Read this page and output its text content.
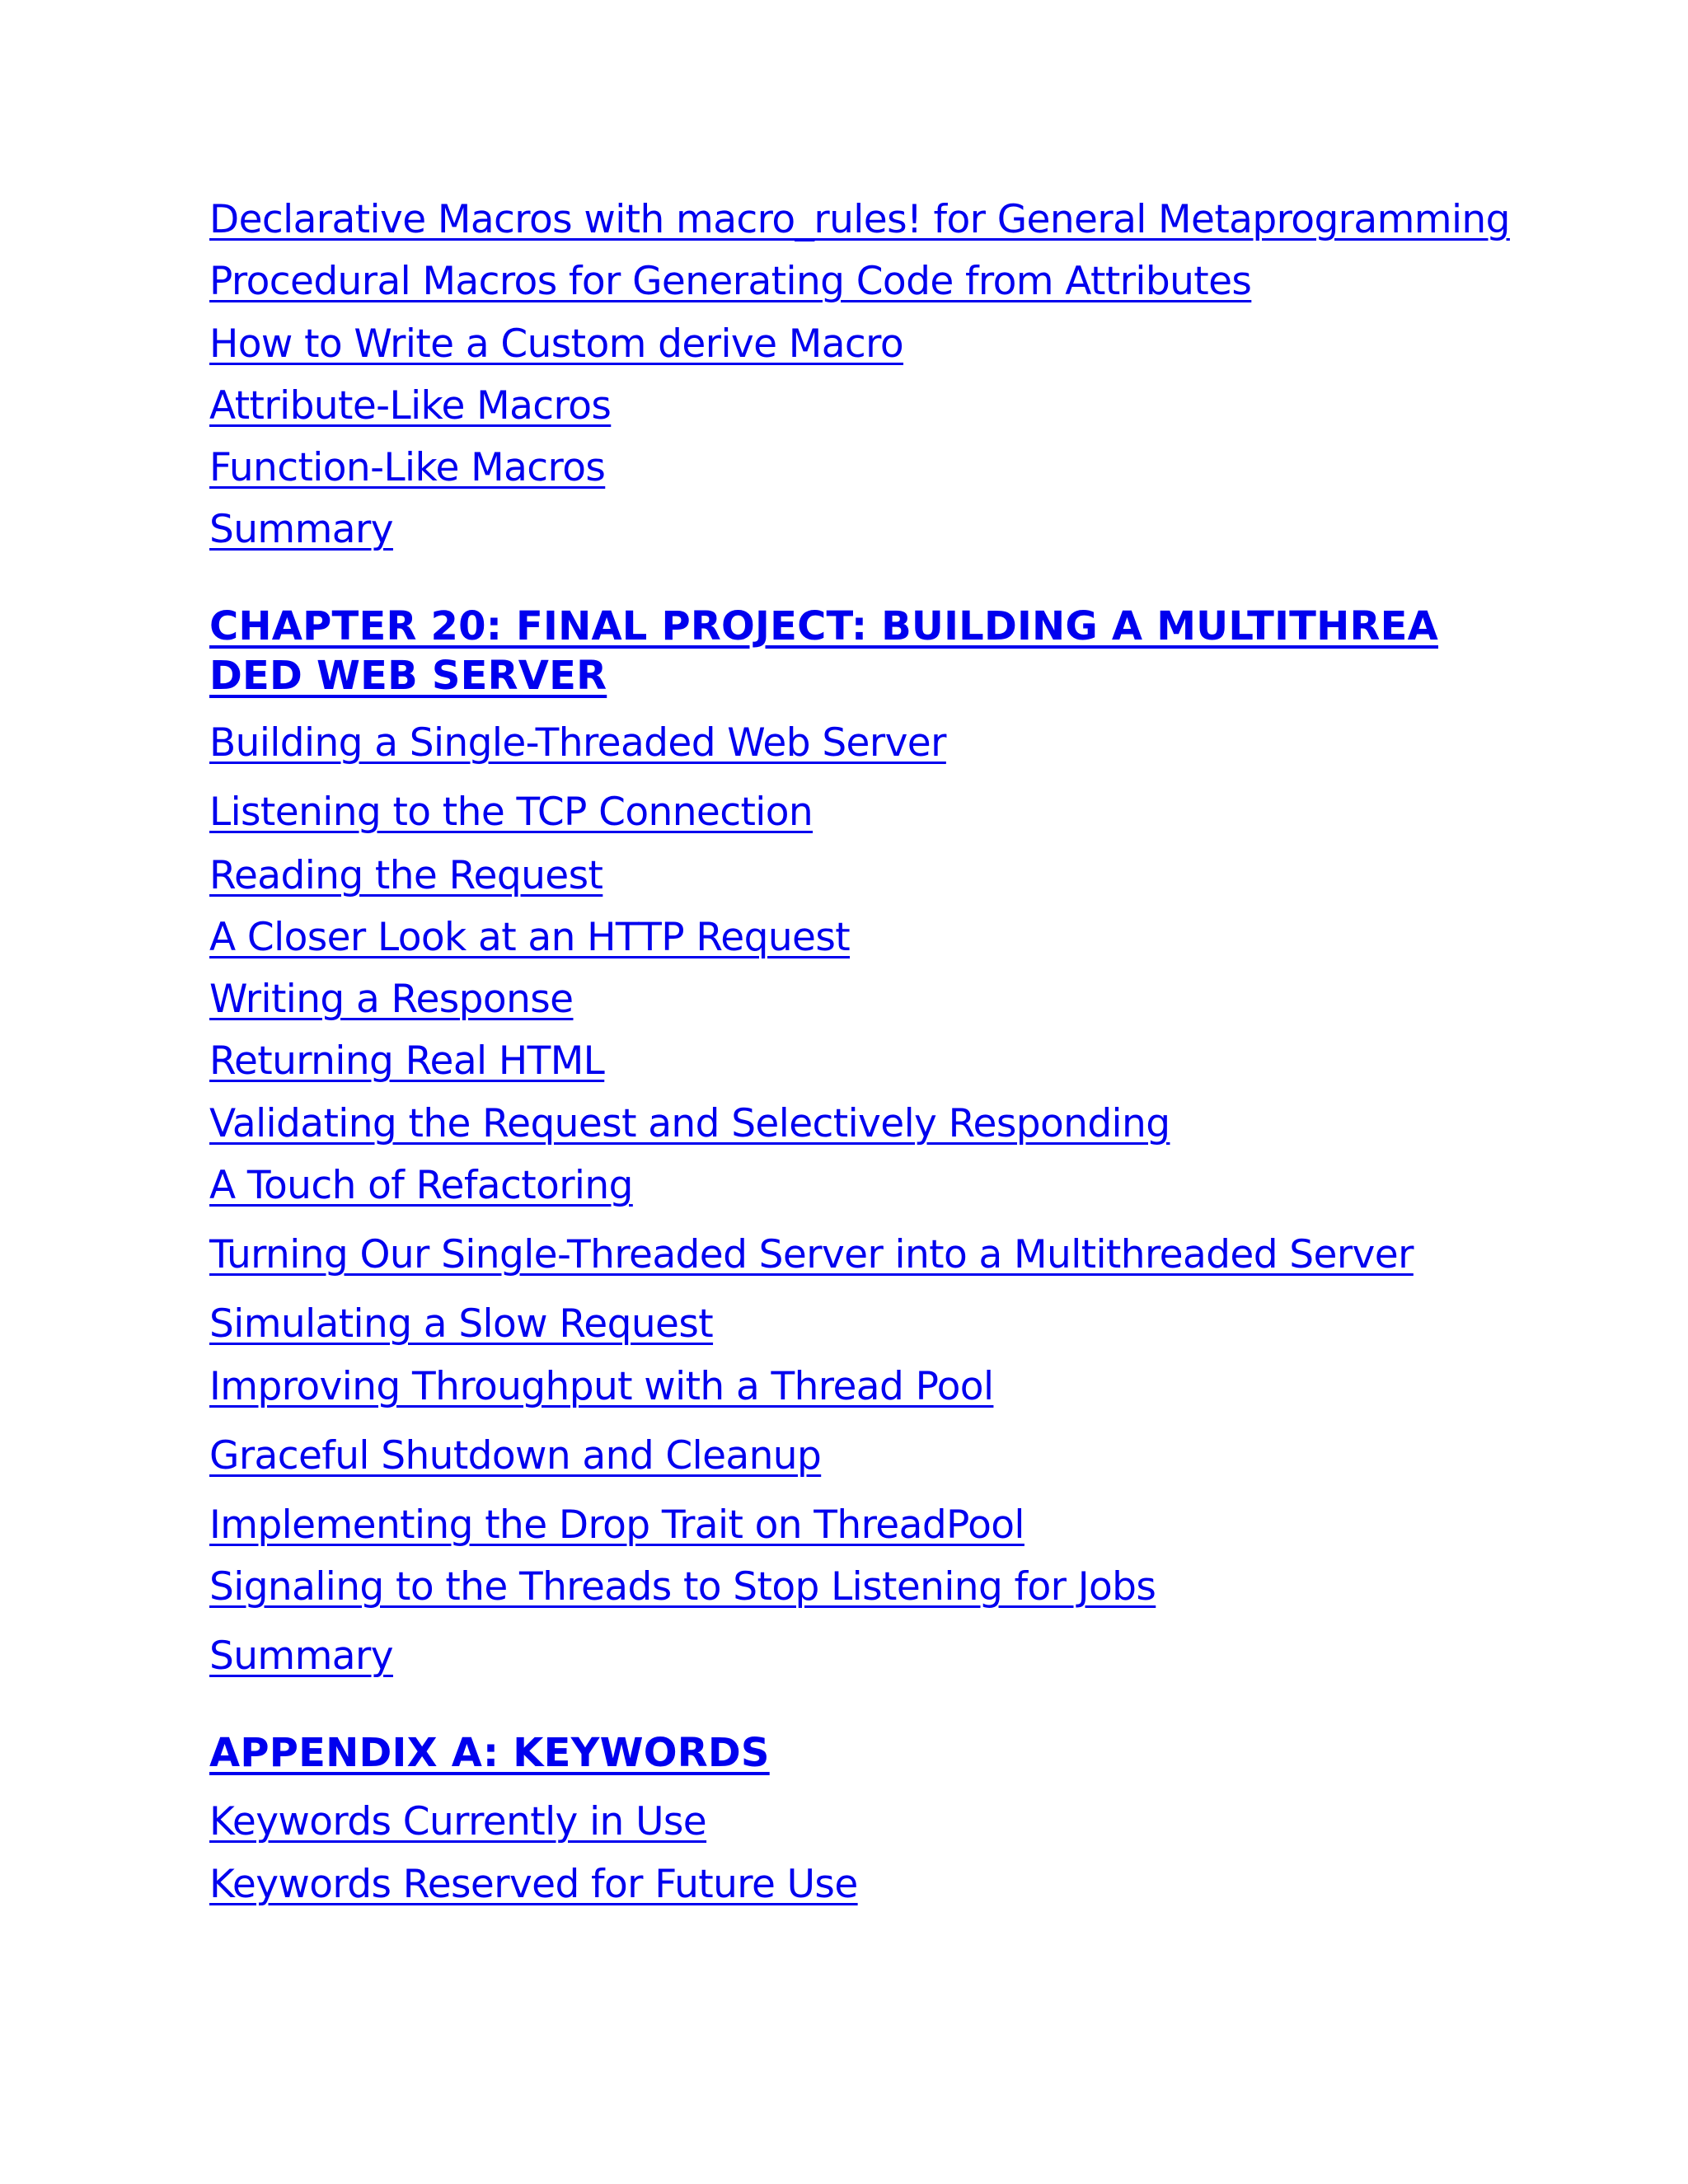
Declarative Macros with macro_rules! for General Metaprogramming
Procedural Macros for Generating Code from Attributes
How to Write a Custom derive Macro
Attribute-Like Macros
Function-Like Macros
Summary
CHAPTER 20: FINAL PROJECT: BUILDING A MULTITHREADED WEB SERVER
Building a Single-Threaded Web Server
Listening to the TCP Connection
Reading the Request
A Closer Look at an HTTP Request
Writing a Response
Returning Real HTML
Validating the Request and Selectively Responding
A Touch of Refactoring
Turning Our Single-Threaded Server into a Multithreaded Server
Simulating a Slow Request
Improving Throughput with a Thread Pool
Graceful Shutdown and Cleanup
Implementing the Drop Trait on ThreadPool
Signaling to the Threads to Stop Listening for Jobs
Summary
APPENDIX A: KEYWORDS
Keywords Currently in Use
Keywords Reserved for Future Use
